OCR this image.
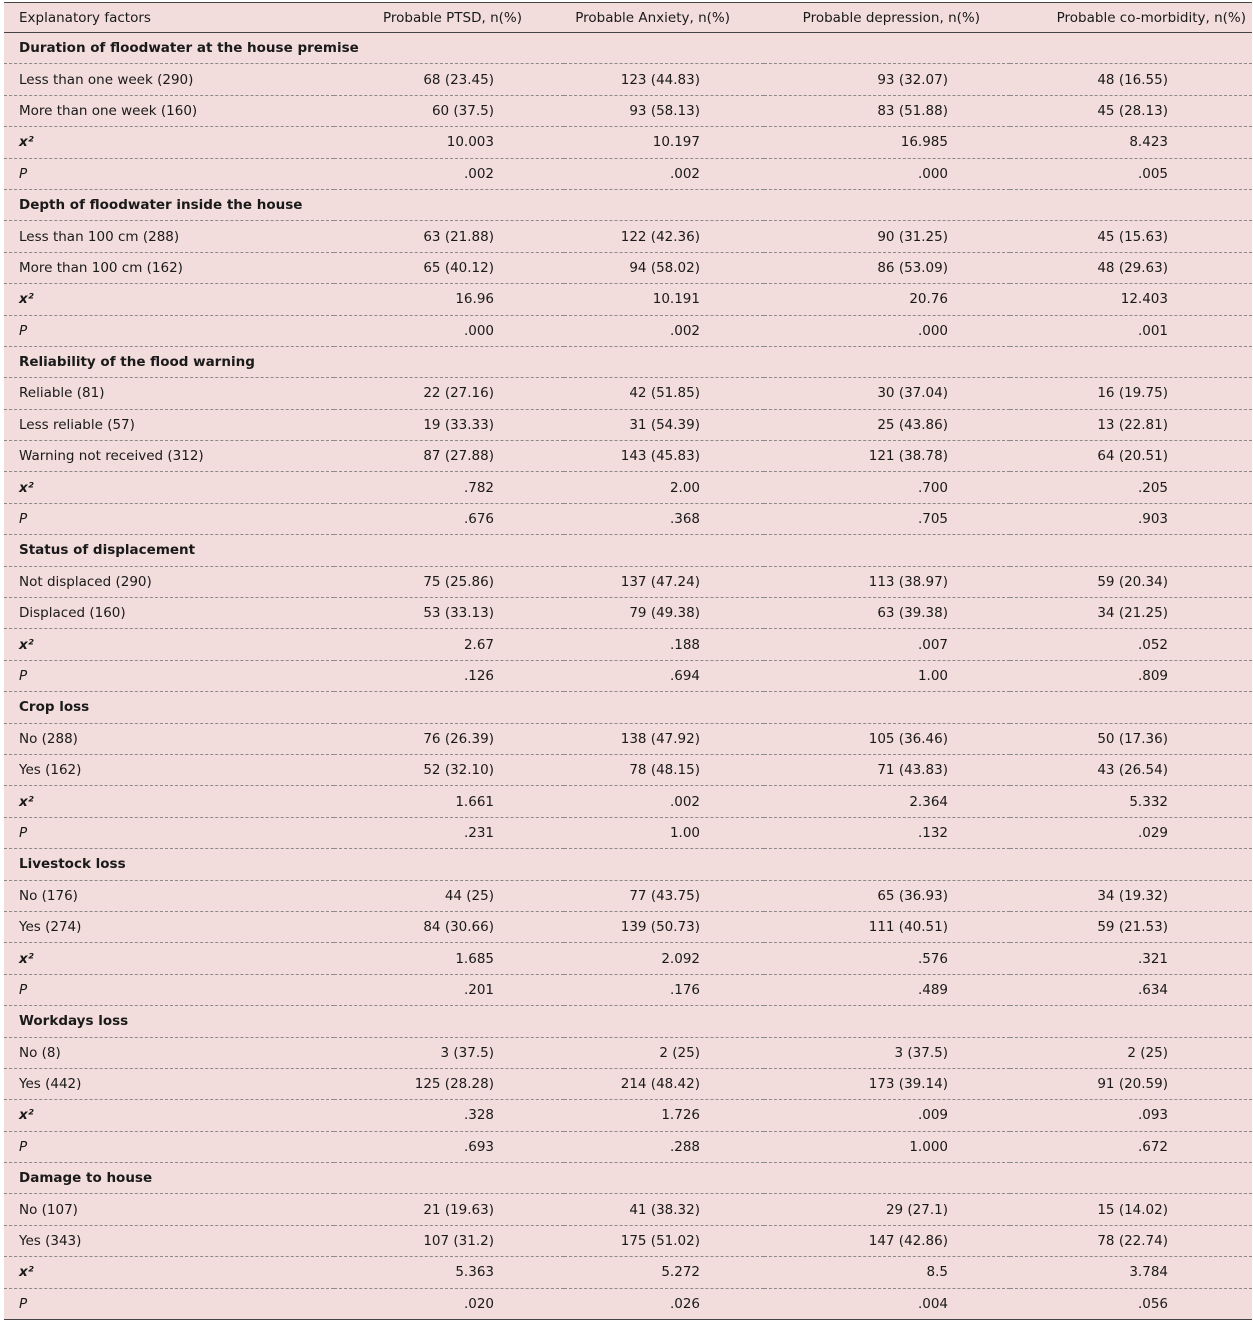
Explanatory factors	Probable PTSD, n(%)	Probable Anxiety, n(%)	Probable depression, n(%)	Probable co-morbidity, n(%)
Duration of floodwater at the house premise				
Less than one week (290)	68 (23.45)	123 (44.83)	93 (32.07)	48 (16.55)
More than one week (160)	60 (37.5)	93 (58.13)	83 (51.88)	45 (28.13)
x²	10.003	10.197	16.985	8.423
P	.002	.002	.000	.005
Depth of floodwater inside the house				
Less than 100 cm (288)	63 (21.88)	122 (42.36)	90 (31.25)	45 (15.63)
More than 100 cm (162)	65 (40.12)	94 (58.02)	86 (53.09)	48 (29.63)
x²	16.96	10.191	20.76	12.403
P	.000	.002	.000	.001
Reliability of the flood warning				
Reliable (81)	22 (27.16)	42 (51.85)	30 (37.04)	16 (19.75)
Less reliable (57)	19 (33.33)	31 (54.39)	25 (43.86)	13 (22.81)
Warning not received (312)	87 (27.88)	143 (45.83)	121 (38.78)	64 (20.51)
x²	.782	2.00	.700	.205
P	.676	.368	.705	.903
Status of displacement				
Not displaced (290)	75 (25.86)	137 (47.24)	113 (38.97)	59 (20.34)
Displaced (160)	53 (33.13)	79 (49.38)	63 (39.38)	34 (21.25)
x²	2.67	.188	.007	.052
P	.126	.694	1.00	.809
Crop loss				
No (288)	76 (26.39)	138 (47.92)	105 (36.46)	50 (17.36)
Yes (162)	52 (32.10)	78 (48.15)	71 (43.83)	43 (26.54)
x²	1.661	.002	2.364	5.332
P	.231	1.00	.132	.029
Livestock loss				
No (176)	44 (25)	77 (43.75)	65 (36.93)	34 (19.32)
Yes (274)	84 (30.66)	139 (50.73)	111 (40.51)	59 (21.53)
x²	1.685	2.092	.576	.321
P	.201	.176	.489	.634
Workdays loss				
No (8)	3 (37.5)	2 (25)	3 (37.5)	2 (25)
Yes (442)	125 (28.28)	214 (48.42)	173 (39.14)	91 (20.59)
x²	.328	1.726	.009	.093
P	.693	.288	1.000	.672
Damage to house				
No (107)	21 (19.63)	41 (38.32)	29 (27.1)	15 (14.02)
Yes (343)	107 (31.2)	175 (51.02)	147 (42.86)	78 (22.74)
x²	5.363	5.272	8.5	3.784
P	.020	.026	.004	.056
